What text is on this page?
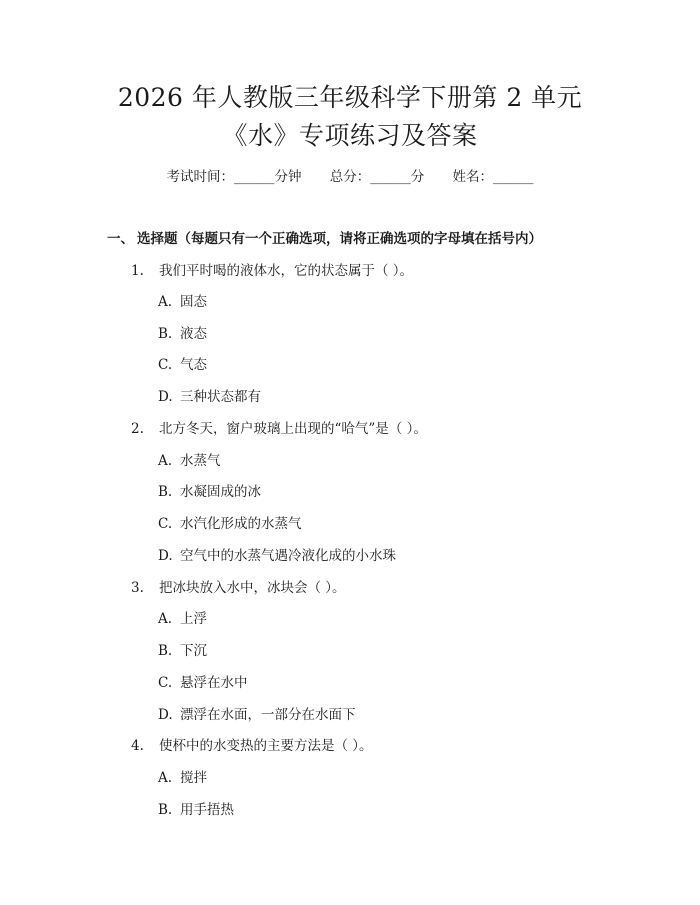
2026 年人教版三年级科学下册第 2 单元
《水》专项练习及答案
考试时间：______分钟 总分：______分 姓名：______
一、 选择题（每题只有一个正确选项，请将正确选项的字母填在括号内）
1. 我们平时喝的液体水，它的状态属于（ ）。
A. 固态
B. 液态
C. 气态
D. 三种状态都有
2. 北方冬天，窗户玻璃上出现的“哈气”是（ ）。
A. 水蒸气
B. 水凝固成的冰
C. 水汽化形成的水蒸气
D. 空气中的水蒸气遇冷液化成的小水珠
3. 把冰块放入水中，冰块会（ ）。
A. 上浮
B. 下沉
C. 悬浮在水中
D. 漂浮在水面，一部分在水面下
4. 使杯中的水变热的主要方法是（ ）。
A. 搅拌
B. 用手捂热
